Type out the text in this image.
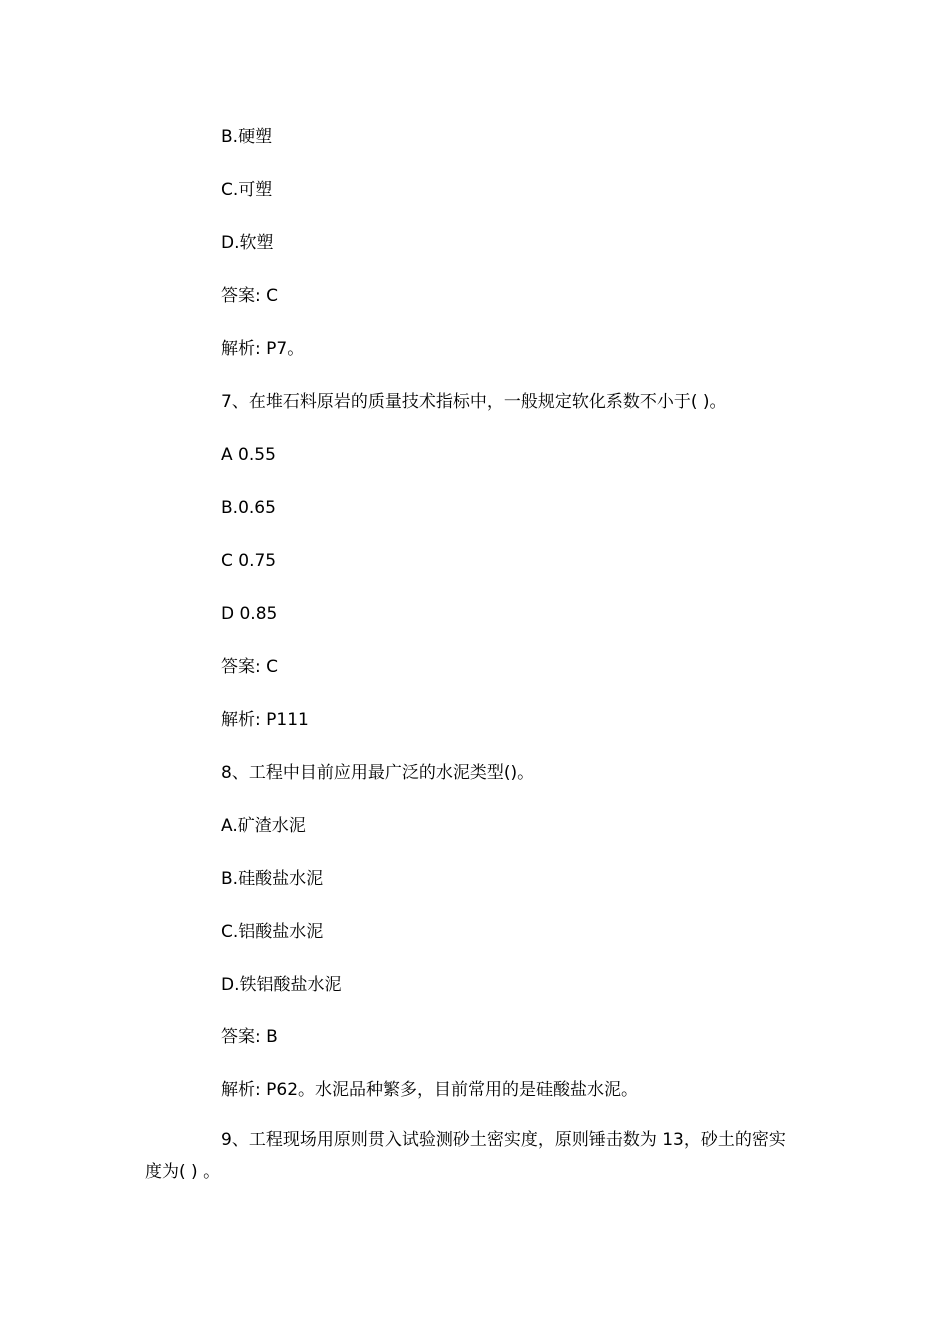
B.硬塑
C.可塑
D.软塑
答案: C
解析: P7。
7、在堆石料原岩的质量技术指标中，一般规定软化系数不小于( )。
A 0.55
B.0.65
C 0.75
D 0.85
答案: C
解析: P111
8、工程中目前应用最广泛的水泥类型()。
A.矿渣水泥
B.硅酸盐水泥
C.铝酸盐水泥
D.铁铝酸盐水泥
答案: B
解析: P62。水泥品种繁多，目前常用的是硅酸盐水泥。
9、工程现场用原则贯入试验测砂土密实度，原则锤击数为 13，砂土的密实度为( ) 。
